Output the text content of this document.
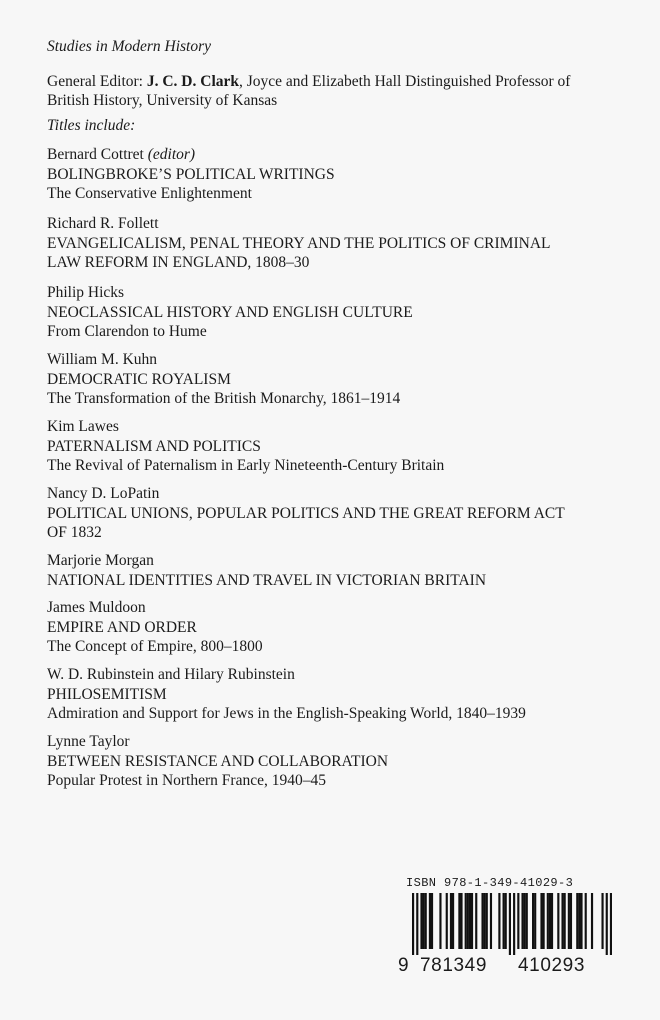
Studies in Modern History
General Editor: J. C. D. Clark, Joyce and Elizabeth Hall Distinguished Professor of
British History, University of Kansas
Titles include:
Bernard Cottret (editor)
BOLINGBROKE’S POLITICAL WRITINGS
The Conservative Enlightenment
Richard R. Follett
EVANGELICALISM, PENAL THEORY AND THE POLITICS OF CRIMINAL
LAW REFORM IN ENGLAND, 1808–30
Philip Hicks
NEOCLASSICAL HISTORY AND ENGLISH CULTURE
From Clarendon to Hume
William M. Kuhn
DEMOCRATIC ROYALISM
The Transformation of the British Monarchy, 1861–1914
Kim Lawes
PATERNALISM AND POLITICS
The Revival of Paternalism in Early Nineteenth-Century Britain
Nancy D. LoPatin
POLITICAL UNIONS, POPULAR POLITICS AND THE GREAT REFORM ACT
OF 1832
Marjorie Morgan
NATIONAL IDENTITIES AND TRAVEL IN VICTORIAN BRITAIN
James Muldoon
EMPIRE AND ORDER
The Concept of Empire, 800–1800
W. D. Rubinstein and Hilary Rubinstein
PHILOSEMITISM
Admiration and Support for Jews in the English-Speaking World, 1840–1939
Lynne Taylor
BETWEEN RESISTANCE AND COLLABORATION
Popular Protest in Northern France, 1940–45
ISBN 978-1-349-41029-3
9 781349 410293
